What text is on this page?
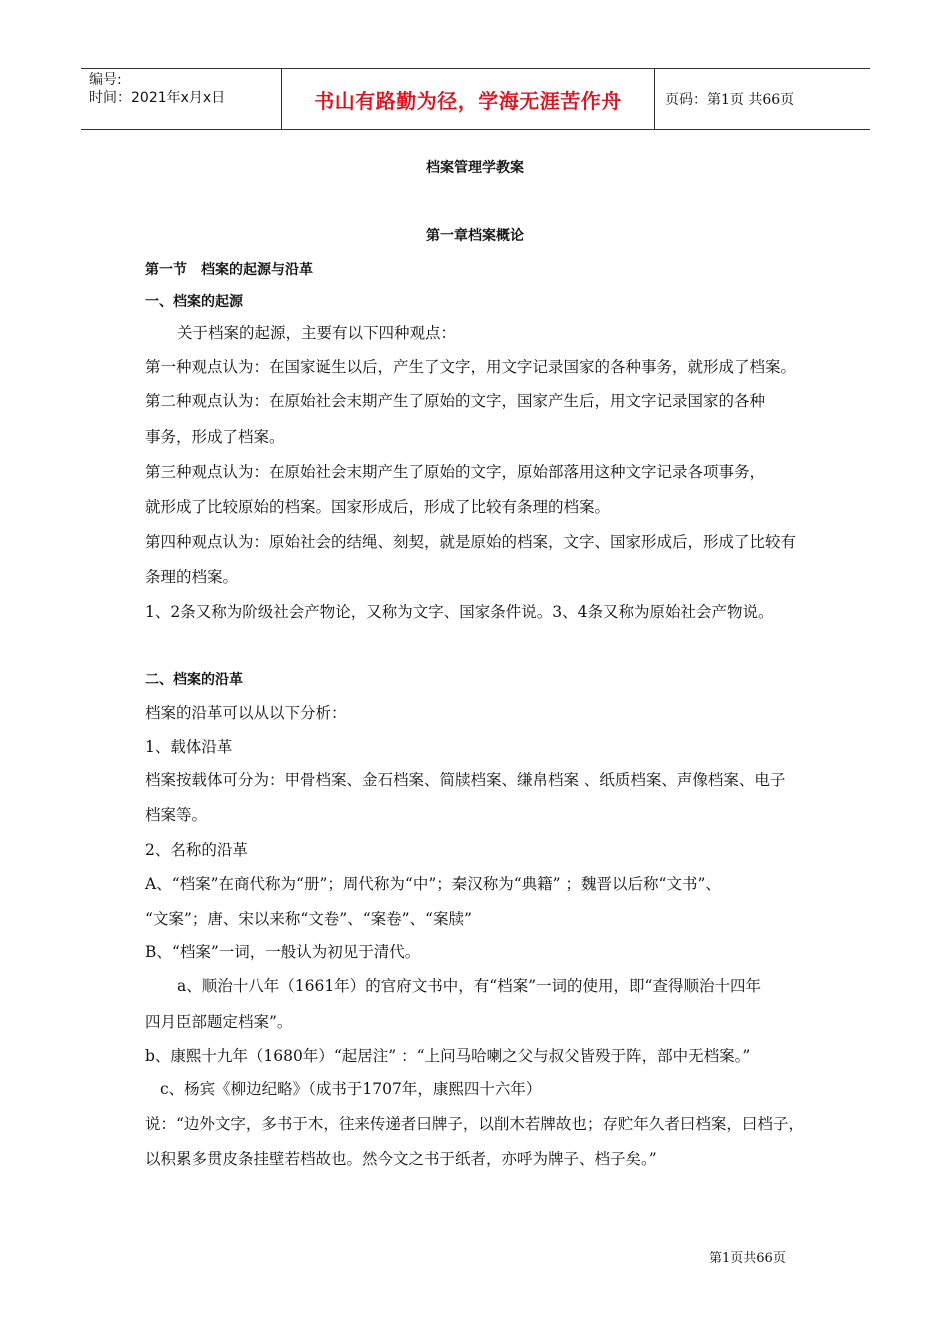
编号:
时间：2021年x月x日	书山有路勤为径，学海无涯苦作舟	页码：第1页 共66页
档案管理学教案
第一章档案概论
第一节　档案的起源与沿革
一、档案的起源
关于档案的起源，主要有以下四种观点：
第一种观点认为：在国家诞生以后，产生了文字，用文字记录国家的各种事务，就形成了档案。
第二种观点认为：在原始社会末期产生了原始的文字，国家产生后，用文字记录国家的各种
事务，形成了档案。
第三种观点认为：在原始社会末期产生了原始的文字，原始部落用这种文字记录各项事务，
就形成了比较原始的档案。国家形成后，形成了比较有条理的档案。
第四种观点认为：原始社会的结绳、刻契，就是原始的档案，文字、国家形成后，形成了比较有
条理的档案。
1、2条又称为阶级社会产物论，又称为文字、国家条件说。3、4条又称为原始社会产物说。
二、档案的沿革
档案的沿革可以从以下分析：
1、载体沿革
档案按载体可分为：甲骨档案、金石档案、简牍档案、缣帛档案 、纸质档案、声像档案、电子
档案等。
2、名称的沿革
A、“档案”在商代称为“册”；周代称为“中”；秦汉称为“典籍” ；魏晋以后称“文书”、
“文案”；唐、宋以来称“文卷”、“案卷”、“案牍”
B、“档案”一词，一般认为初见于清代。
a、顺治十八年（1661年）的官府文书中，有“档案”一词的使用，即“查得顺治十四年
四月臣部题定档案”。
b、康熙十九年（1680年）“起居注” ：“上问马哈喇之父与叔父皆殁于阵，部中无档案。”
c、杨宾《柳边纪略》（成书于1707年，康熙四十六年）
说：“边外文字，多书于木，往来传递者曰牌子，以削木若牌故也；存贮年久者曰档案，曰档子，
以积累多贯皮条挂壁若档故也。然今文之书于纸者，亦呼为牌子、档子矣。”
第1页共66页
